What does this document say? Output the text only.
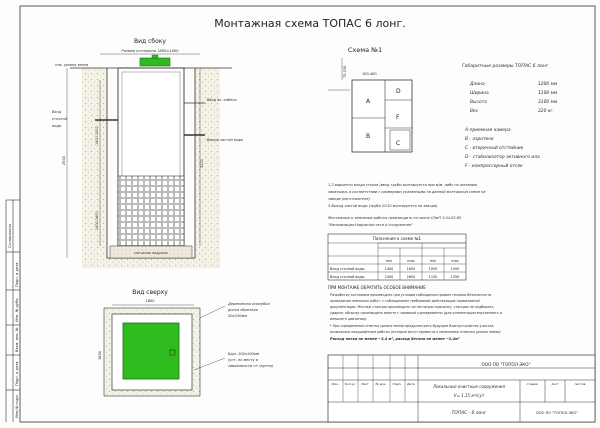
Инв.№ подл.
Подп. и дата
Взам. инв. №
Инв. № дубл.
Подп. и дата
Согласовано
Монтажная схема ТОПАС 6 лонг.
Вид сбоку
Размер котлована 1800×1800
отм. уровня земли
песчаная подушка
Вход
сточной
воды
Ввод эл. кабеля
Выход чистой воды
2500
1400-1500
1400-1600
3100
Вид сверху
1800
1800
Деревянная опалубка
доска обрезная
50x150мм
Брус 100x100мм
(уст. по месту в
зависимости от грунта)
Схема №1
75-150	100-400
A
B
D
F
C
Габаритные размеры ТОПАС 6 лонг
Длина	1200 мм
Ширина	1100 мм
Высота	3100 мм
Вес	320 кг.
А-приемная камера
В - аэротенк
С - вторичный отстойник
D - стабилизатор активного ила
F - компрессорный отсек
1,2-варианты входа стоков (ввод трубы монтируется при м/м, либо по желанию
заказчика, в соответствии с размерами указанными на данной монтажной схеме на
заводе (изготовителе)
3-Выход чистой воды (труба ∅110 монтируется на заводе)
Монтажные и земляные работы производить согласно СНиП 3.04.03-85
"Канализация.Наружные сети и сооружения"
Пояснения к схеме №1
min	max	min	max
Вход сточной воды	1400	1600	1050	1450
Вход сточной воды	2400	2600	1150	1350
ПРИ МОНТАЖЕ ОБРАТИТЬ ОСОБОЕ ВНИМАНИЕ
Разработку котлована производить при условии соблюдения правил техники безопасности
проведения земляных работ, с соблюдением требований действующих нормативной
документации. Монтаж станции производить на песчаную подсыпку, станцию не подбирать
ударом, обсыпку производить вместе с заливкой одновременно (для компенсации внутреннего и
внешнего давления).
* При определении отметки уровня земли предусмотреть будущее благоустройство участка,
возможные ландшафтные работы (которые могут привести к изменению отметки уровня земли)
Расход песка не менее ~3,4 м³, расход бетона не менее ~2,4м³
Изм. Кол.уч Лист № док. Подп. Дата
ООО ПО "ТОПОЛ-ЭКО"
Локальные очистные сооружения
V= 1,15 м³/сут
стадия	лист	листов
ТОПАС - 6 лонг	ООО ПО "ТОПОЛ-ЭКО"
